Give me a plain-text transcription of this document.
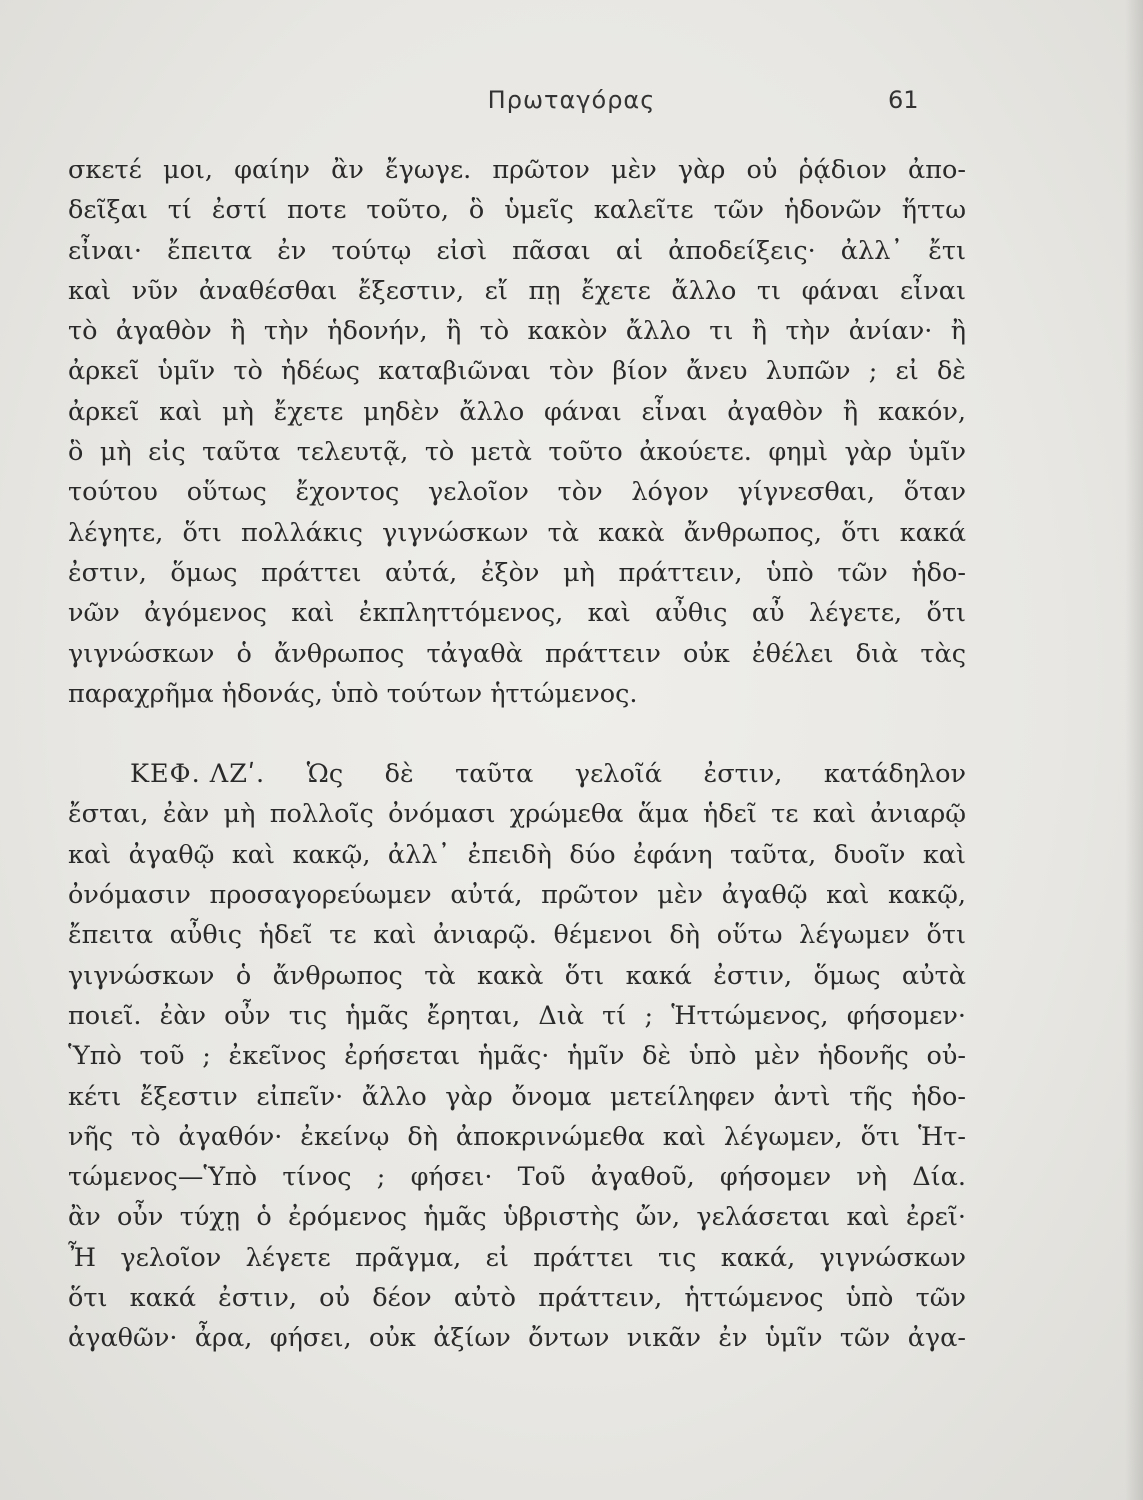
Πρωταγόρας	61
σκετέ μοι, φαίην ἂν ἔγωγε. πρῶτον μὲν γὰρ οὐ ῥᾴδιον ἀπο-
δεῖξαι τί ἐστί ποτε τοῦτο, ὃ ὑμεῖς καλεῖτε τῶν ἡδονῶν ἥττω
εἶναι· ἔπειτα ἐν τούτῳ εἰσὶ πᾶσαι αἱ ἀποδείξεις· ἀλλ᾽ ἔτι
καὶ νῦν ἀναθέσθαι ἔξεστιν, εἴ πῃ ἔχετε ἄλλο τι φάναι εἶναι
τὸ ἀγαθὸν ἢ τὴν ἡδονήν, ἢ τὸ κακὸν ἄλλο τι ἢ τὴν ἀνίαν· ἢ
ἀρκεῖ ὑμῖν τὸ ἡδέως καταβιῶναι τὸν βίον ἄνευ λυπῶν ; εἰ δὲ
ἀρκεῖ καὶ μὴ ἔχετε μηδὲν ἄλλο φάναι εἶναι ἀγαθὸν ἢ κακόν,
ὃ μὴ εἰς ταῦτα τελευτᾷ, τὸ μετὰ τοῦτο ἀκούετε. φημὶ γὰρ ὑμῖν
τούτου οὕτως ἔχοντος γελοῖον τὸν λόγον γίγνεσθαι, ὅταν
λέγητε, ὅτι πολλάκις γιγνώσκων τὰ κακὰ ἄνθρωπος, ὅτι κακά
ἐστιν, ὅμως πράττει αὐτά, ἐξὸν μὴ πράττειν, ὑπὸ τῶν ἡδο-
νῶν ἀγόμενος καὶ ἐκπληττόμενος, καὶ αὖθις αὖ λέγετε, ὅτι
γιγνώσκων ὁ ἄνθρωπος τἀγαθὰ πράττειν οὐκ ἐθέλει διὰ τὰς
παραχρῆμα ἡδονάς, ὑπὸ τούτων ἡττώμενος.
ΚΕΦ. ΛΖʹ. Ὡς δὲ ταῦτα γελοῖά ἐστιν, κατάδηλον
ἔσται, ἐὰν μὴ πολλοῖς ὀνόμασι χρώμεθα ἅμα ἡδεῖ τε καὶ ἀνιαρῷ
καὶ ἀγαθῷ καὶ κακῷ, ἀλλ᾽ ἐπειδὴ δύο ἐφάνη ταῦτα, δυοῖν καὶ
ὀνόμασιν προσαγορεύωμεν αὐτά, πρῶτον μὲν ἀγαθῷ καὶ κακῷ,
ἔπειτα αὖθις ἡδεῖ τε καὶ ἀνιαρῷ. θέμενοι δὴ οὕτω λέγωμεν ὅτι
γιγνώσκων ὁ ἄνθρωπος τὰ κακὰ ὅτι κακά ἐστιν, ὅμως αὐτὰ
ποιεῖ. ἐὰν οὖν τις ἡμᾶς ἔρηται, Διὰ τί ; Ἡττώμενος, φήσομεν·
Ὑπὸ τοῦ ; ἐκεῖνος ἐρήσεται ἡμᾶς· ἡμῖν δὲ ὑπὸ μὲν ἡδονῆς οὐ-
κέτι ἔξεστιν εἰπεῖν· ἄλλο γὰρ ὄνομα μετείληφεν ἀντὶ τῆς ἡδο-
νῆς τὸ ἀγαθόν· ἐκείνῳ δὴ ἀποκρινώμεθα καὶ λέγωμεν, ὅτι Ἡτ-
τώμενος—Ὑπὸ τίνος ; φήσει· Τοῦ ἀγαθοῦ, φήσομεν νὴ Δία.
ἂν οὖν τύχῃ ὁ ἐρόμενος ἡμᾶς ὑβριστὴς ὤν, γελάσεται καὶ ἐρεῖ·
Ἦ γελοῖον λέγετε πρᾶγμα, εἰ πράττει τις κακά, γιγνώσκων
ὅτι κακά ἐστιν, οὐ δέον αὐτὸ πράττειν, ἡττώμενος ὑπὸ τῶν
ἀγαθῶν· ἆρα, φήσει, οὐκ ἀξίων ὄντων νικᾶν ἐν ὑμῖν τῶν ἀγα-
